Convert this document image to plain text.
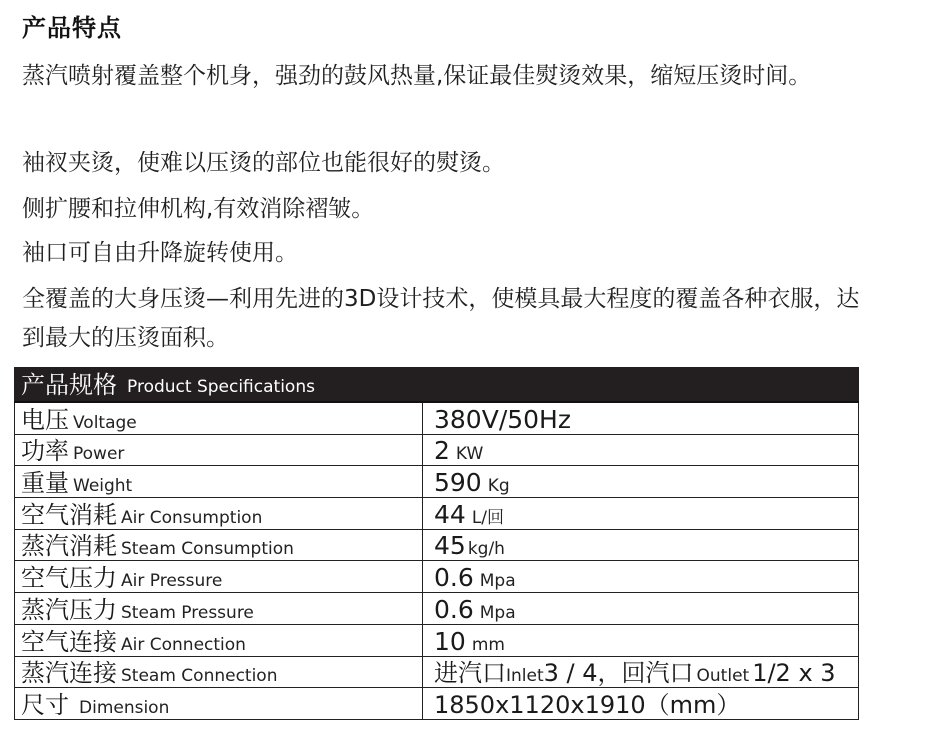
产品特点
蒸汽喷射覆盖整个机身，强劲的鼓风热量,保证最佳熨烫效果，缩短压烫时间。
袖衩夹烫，使难以压烫的部位也能很好的熨烫。
侧扩腰和拉伸机构,有效消除褶皱。
袖口可自由升降旋转使用。
全覆盖的大身压烫—利用先进的3D设计技术，使模具最大程度的覆盖各种衣服，达到最大的压烫面积。
产品规格 Product Specifications
电压 Voltage	380V/50Hz
功率 Power	2 KW
重量 Weight	590 Kg
空气消耗 Air Consumption	44 L/回
蒸汽消耗 Steam Consumption	45 kg/h
空气压力 Air Pressure	0.6 Mpa
蒸汽压力 Steam Pressure	0.6 Mpa
空气连接 Air Connection	10 mm
蒸汽连接 Steam Connection	进汽口 Inlet 3 / 4， 回汽口 Outlet 1/2 x 3
尺寸 Dimension	1850x1120x1910（mm）
